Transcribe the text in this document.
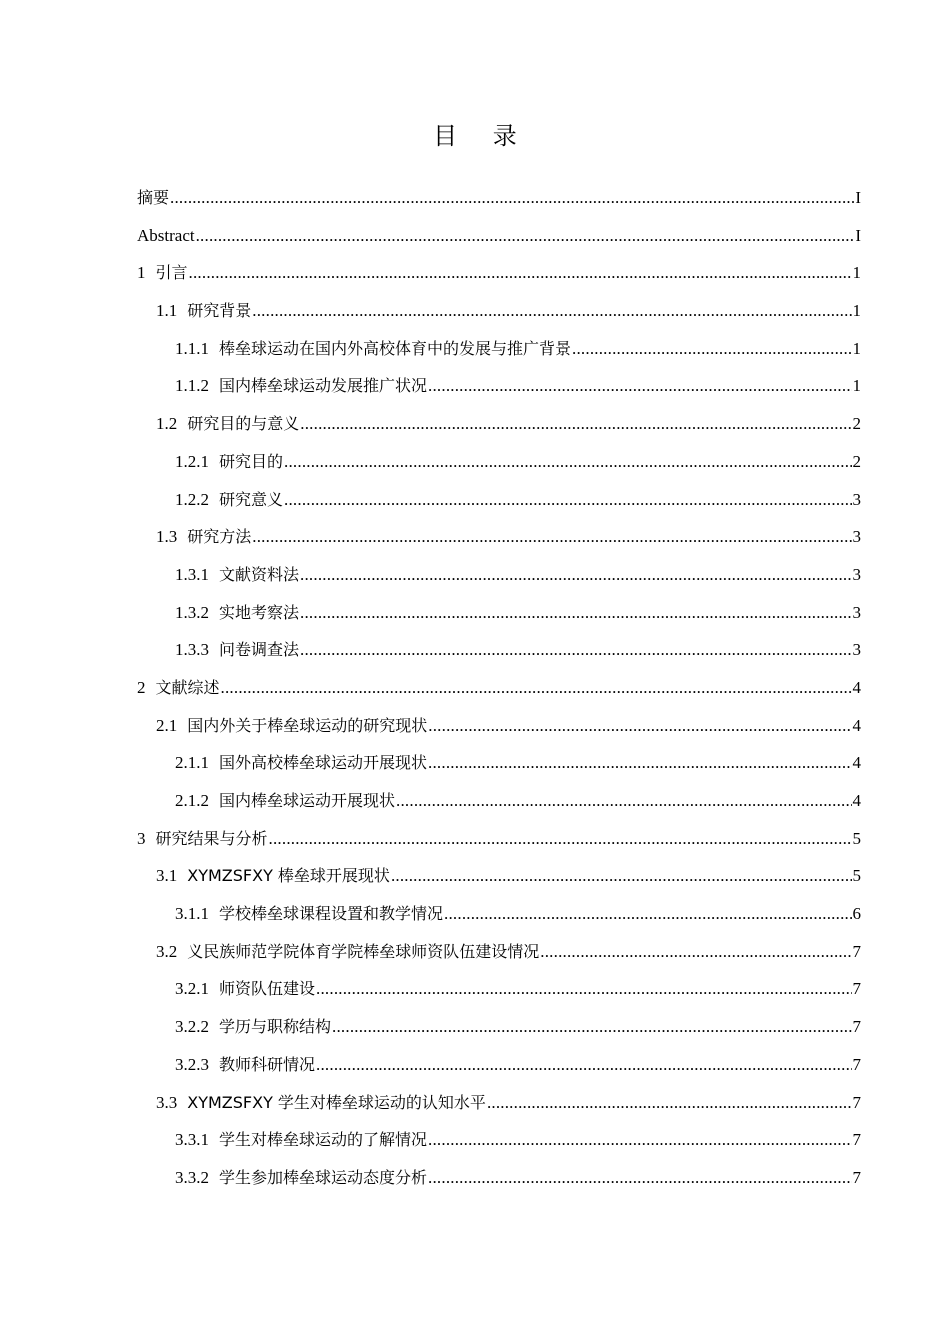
目 录
摘要 .....	I
Abstract .....	I
1 引言 .....	1
1.1 研究背景 .....	1
1.1.1 棒垒球运动在国内外高校体育中的发展与推广背景 .....	1
1.1.2 国内棒垒球运动发展推广状况 .....	1
1.2 研究目的与意义 .....	2
1.2.1 研究目的 .....	2
1.2.2 研究意义 .....	3
1.3 研究方法 .....	3
1.3.1 文献资料法 .....	3
1.3.2 实地考察法 .....	3
1.3.3 问卷调查法 .....	3
2 文献综述 .....	4
2.1 国内外关于棒垒球运动的研究现状 .....	4
2.1.1 国外高校棒垒球运动开展现状 .....	4
2.1.2 国内棒垒球运动开展现状 .....	4
3 研究结果与分析 .....	5
3.1 XYMZSFXY 棒垒球开展现状 .....	5
3.1.1 学校棒垒球课程设置和教学情况 .....	6
3.2 义民族师范学院体育学院棒垒球师资队伍建设情况 .....	7
3.2.1 师资队伍建设 .....	7
3.2.2 学历与职称结构 .....	7
3.2.3 教师科研情况 .....	7
3.3 XYMZSFXY 学生对棒垒球运动的认知水平 .....	7
3.3.1 学生对棒垒球运动的了解情况 .....	7
3.3.2 学生参加棒垒球运动态度分析 .....	7
